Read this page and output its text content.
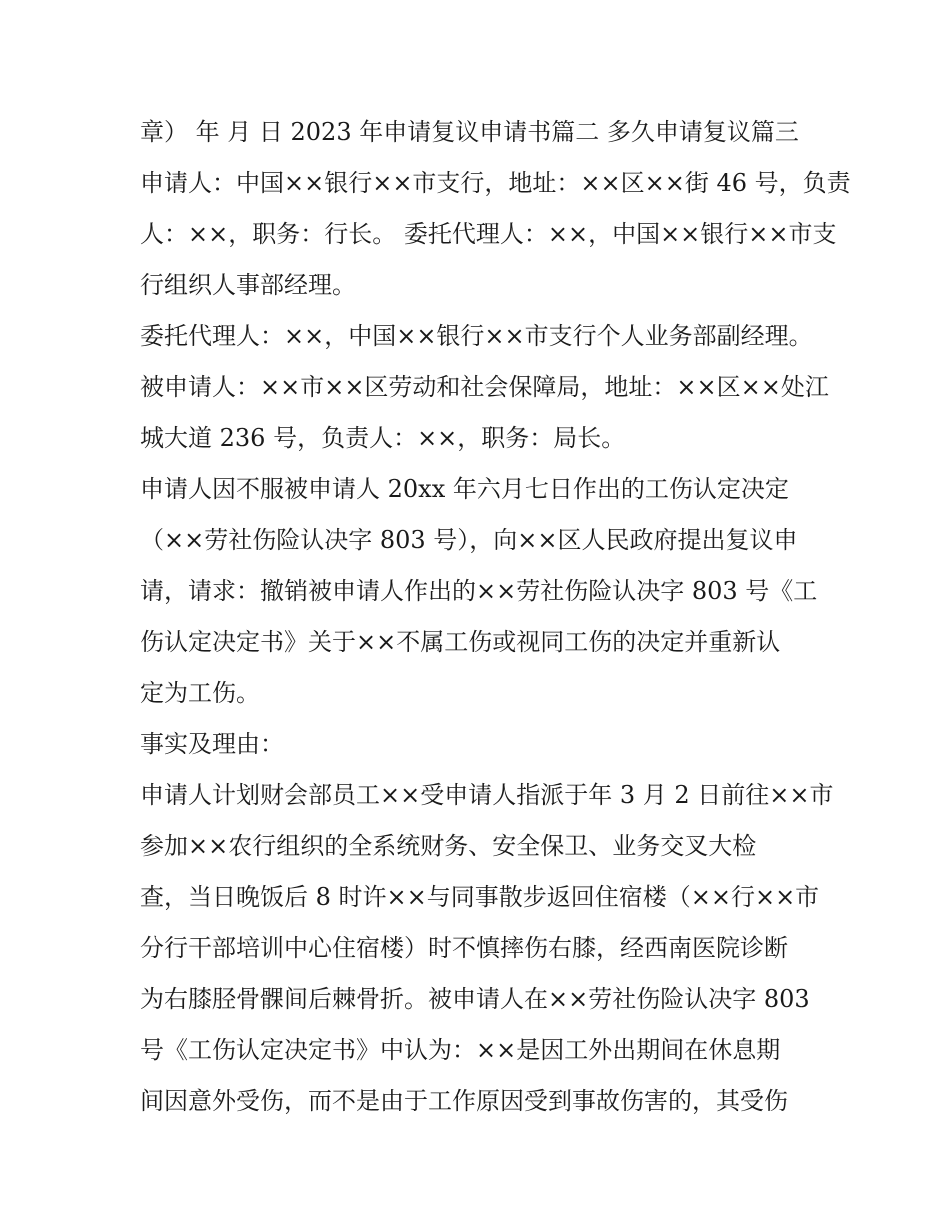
章） 年 月 日 2023 年申请复议申请书篇二 多久申请复议篇三
申请人：中国××银行××市支行，地址：××区××街 46 号，负责
人：××，职务：行长。 委托代理人：××，中国××银行××市支
行组织人事部经理。
委托代理人：××，中国××银行××市支行个人业务部副经理。
被申请人：××市××区劳动和社会保障局，地址：××区××处江
城大道 236 号，负责人：××，职务：局长。
申请人因不服被申请人 20xx 年六月七日作出的工伤认定决定
（××劳社伤险认决字 803 号），向××区人民政府提出复议申
请，请求：撤销被申请人作出的××劳社伤险认决字 803 号《工
伤认定决定书》关于××不属工伤或视同工伤的决定并重新认
定为工伤。
事实及理由：
申请人计划财会部员工××受申请人指派于年 3 月 2 日前往××市
参加××农行组织的全系统财务、安全保卫、业务交叉大检
查，当日晚饭后 8 时许××与同事散步返回住宿楼（××行××市
分行干部培训中心住宿楼）时不慎摔伤右膝，经西南医院诊断
为右膝胫骨髁间后棘骨折。被申请人在××劳社伤险认决字 803
号《工伤认定决定书》中认为：××是因工外出期间在休息期
间因意外受伤，而不是由于工作原因受到事故伤害的，其受伤
